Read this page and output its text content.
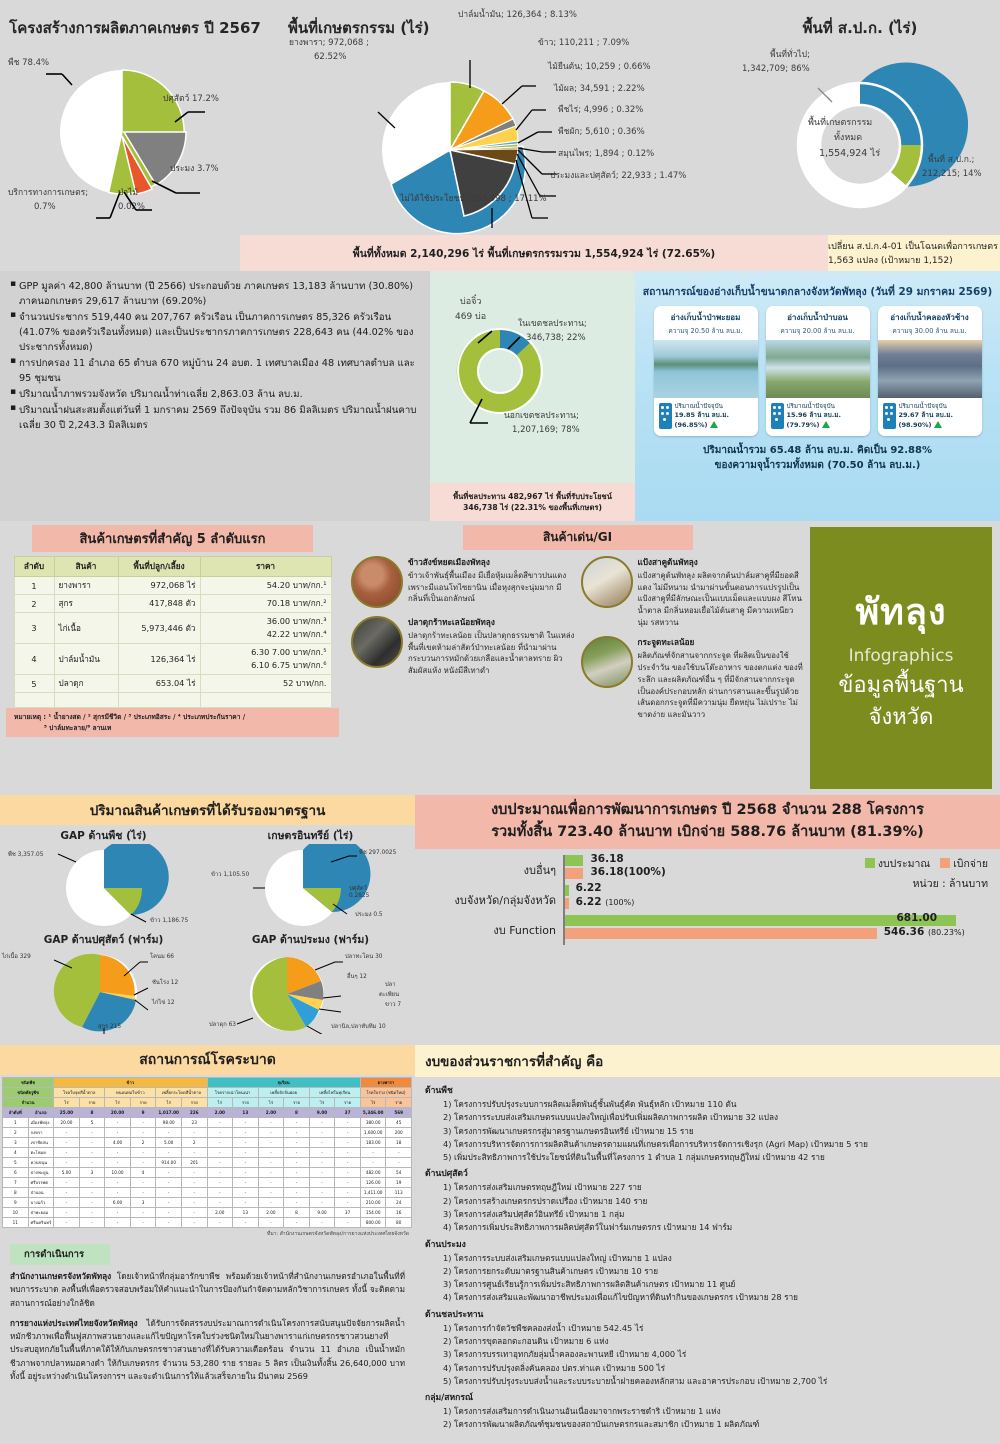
โครงสร้างการผลิตภาคเกษตร ปี 2567
พืช 78.4%
ปศุสัตว์ 17.2%
ประมง 3.7%
ป่าไม้
0.02%
บริการทางการเกษตร;
0.7%
พื้นที่เกษตรกรรม (ไร่)
ยางพารา; 972,068 ;
62.52%
ปาล์มน้ำมัน; 126,364 ; 8.13%
ข้าว; 110,211 ; 7.09%
ไม้ยืนต้น; 10,259 ; 0.66%
ไม้ผล; 34,591 ; 2.22%
พืชไร่; 4,996 ; 0.32%
พืชผัก; 5,610 ; 0.36%
สมุนไพร; 1,894 ; 0.12%
ประมงและปศุสัตว์; 22,933 ; 1.47%
ไม่ได้ใช้ประโยชน์; 265,998 ; 17.11%
พื้นที่ ส.ป.ก. (ไร่)
พื้นที่ทั่วไป;
1,342,709; 86%
พื้นที่ ส.ป.ก.;
212,215; 14%
พื้นที่เกษตรกรรม
ทั้งหมด
1,554,924 ไร่
พื้นที่ทั้งหมด 2,140,296 ไร่ พื้นที่เกษตรกรรมรวม 1,554,924 ไร่ (72.65%)
เปลี่ยน ส.ป.ก.4-01 เป็นโฉนดเพื่อการเกษตร 1,563 แปลง (เป้าหมาย 1,152)
▪ GPP มูลค่า 42,800 ล้านบาท (ปี 2566) ประกอบด้วย ภาคเกษตร 13,183 ล้านบาท (30.80%) ภาคนอกเกษตร 29,617 ล้านบาท (69.20%)
▪ จำนวนประชากร 519,440 คน 207,767 ครัวเรือน เป็นภาคการเกษตร 85,326 ครัวเรือน (41.07% ของครัวเรือนทั้งหมด) และเป็นประชากรภาคการเกษตร 228,643 คน (44.02% ของประชากรทั้งหมด)
▪ การปกครอง 11 อำเภอ 65 ตำบล 670 หมู่บ้าน 24 อบต. 1 เทศบาลเมือง 48 เทศบาลตำบล และ 95 ชุมชน
▪ ปริมาณน้ำภาพรวมจังหวัด ปริมาณน้ำท่าเฉลี่ย 2,863.03 ล้าน ลบ.ม.
▪ ปริมาณน้ำฝนสะสมตั้งแต่วันที่ 1 มกราคม 2569 ถึงปัจจุบัน รวม 86 มิลลิเมตร ปริมาณน้ำฝนคาบเฉลี่ย 30 ปี 2,243.3 มิลลิเมตร
บ่อจิ๋ว
469 บ่อ
ในเขตชลประทาน;
346,738; 22%
นอกเขตชลประทาน;
1,207,169; 78%
พื้นที่ชลประทาน 482,967 ไร่ พื้นที่รับประโยชน์
346,738 ไร่ (22.31% ของพื้นที่เกษตร)
สถานการณ์ของอ่างเก็บน้ำขนาดกลางจังหวัดพัทลุง (วันที่ 29 มกราคม 2569)
อ่างเก็บน้ำป่าพะยอม
ความจุ 20.50 ล้าน ลบ.ม.
ปริมาณน้ำปัจจุบัน
19.85 ล้าน ลบ.ม.
(96.85%)
อ่างเก็บน้ำป่าบอน
ความจุ 20.00 ล้าน ลบ.ม.
ปริมาณน้ำปัจจุบัน
15.96 ล้าน ลบ.ม.
(79.79%)
อ่างเก็บน้ำคลองหัวช้าง
ความจุ 30.00 ล้าน ลบ.ม.
ปริมาณน้ำปัจจุบัน
29.67 ล้าน ลบ.ม.
(98.90%)
ปริมาณน้ำรวม 65.48 ล้าน ลบ.ม. คิดเป็น 92.88%
ของความจุน้ำรวมทั้งหมด (70.50 ล้าน ลบ.ม.)
สินค้าเกษตรที่สำคัญ 5 ลำดับแรก
ลำดับ	สินค้า	พื้นที่ปลูก/เลี้ยง	ราคา
1	ยางพารา	972,068 ไร่	54.20 บาท/กก.¹
2	สุกร	417,848 ตัว	70.18 บาท/กก.²
3	ไก่เนื้อ	5,973,446 ตัว	36.00 บาท/กก.³
42.22 บาท/กก.⁴
4	ปาล์มน้ำมัน	126,364 ไร่	6.30 7.00 บาท/กก.⁵
6.10 6.75 บาท/กก.⁶
5	ปลาดุก	653.04 ไร่	52 บาท/กก.

หมายเหตุ : ¹ น้ำยางสด / ² สุกรมีชีวิต / ³ ประเภทอิสระ / ⁴ ประเภทประกันราคา /
⁵ ปาล์มทะลาย/⁶ ลานเท
สินค้าเด่น/GI
ข้าวสังข์หยดเมืองพัทลุง

ข้าวเจ้าพันธุ์พื้นเมือง มีเยื่อหุ้มเมล็ดสีขาวปนแดง เพราะมีแอนโทไซยานิน เมื่อหุงสุกจะนุ่มมาก มีกลิ่นที่เป็นเอกลักษณ์

ปลาดุกร้าทะเลน้อยพัทลุง

ปลาดุกร้าทะเลน้อย เป็นปลาดุกธรรมชาติ ในแหล่งพื้นที่เขตห้ามล่าสัตว์ป่าทะเลน้อย ที่นำมาผ่านกระบวนการหมักด้วยเกลือและน้ำตาลทราย ผิวสัมผัสแห้ง หนังมีสีเทาดำ

แป้งสาคูต้นพัทลุง

แป้งสาคูต้นพัทลุง ผลิตจากต้นปาล์มสาคูที่มียอดสีแดง ไม่มีหนาม นำมาผ่านขั้นตอนการแปรรูปเป็นแป้งสาคูที่มีลักษณะเป็นแบบเม็ดและแบบผง สีโทนน้ำตาล มีกลิ่นหอมเยื่อไม้ต้นสาคู มีความเหนียว นุ่ม รสหวาน

กระจูดทะเลน้อย

ผลิตภัณฑ์จักสานจากกระจูด ที่ผลิตเป็นของใช้ประจำวัน ของใช้บนโต๊ะอาหาร ของตกแต่ง ของที่ระลึก และผลิตภัณฑ์อื่น ๆ ที่มีจักสานจากกระจูดเป็นองค์ประกอบหลัก ผ่านการสานและขึ้นรูปด้วยเส้นดอกกระจูดที่มีความนุ่ม ยืดหยุ่น ไม่เปราะ ไม่ขาดง่าย และมันวาว

พัทลุง
Infographics
ข้อมูลพื้นฐาน
จังหวัด
ปริมาณสินค้าเกษตรที่ได้รับรองมาตรฐาน
GAP ด้านพืช (ไร่)
พืช 3,357.05
ข้าว 1,186.75
เกษตรอินทรีย์ (ไร่)
พืช 297.0025
ข้าว 1,105.50
ปศุสัตว์
0.2825
ประมง 0.5
GAP ด้านปศุสัตว์ (ฟาร์ม)
ไก่เนื้อ 329	โคนม 66
ชันโรง 12
ไก่ไข่ 12
สุกร 215
GAP ด้านประมง (ฟาร์ม)
ปลาทะโดน 30
อื่นๆ 12
ปลา
ตะเพียน
ขาว 7
ปลานิล,ปลาทับทิม 10
ปลาดุก 63
งบประมาณเพื่อการพัฒนาการเกษตร ปี 2568 จำนวน 288 โครงการ
รวมทั้งสิ้น 723.40 ล้านบาท เบิกจ่าย 588.76 ล้านบาท (81.39%)
งบประมาณ เบิกจ่าย
หน่วย : ล้านบาท
งบอื่นๆ
36.18
36.18(100%)
งบจังหวัด/กลุ่มจังหวัด
6.22
6.22 (100%)
งบ Function
681.00
546.36 (80.23%)
สถานการณ์โรคระบาด
ชนิดพืช		ข้าว						ทุเรียน						ยางพารา	
ชนิดศัตรูพืช		โรคใบจุดสีน้ำตาล		หนอนห่อใบข้าว		เพลี้ยกระโดดสีน้ำตาล		โรครากเน่าโคนเน่า		เพลี้ยจักจั่นฝอย		เพลี้ยไฟในทุเรียน		โรคใบร่วง (ชนิดใหม่)	
จำนวน		ไร่	ราย	ไร่	ราย	ไร่	ราย	ไร่	ราย	ไร่	ราย	ไร่	ราย	ไร่	ราย
ลำดับที่	อำเภอ	25.00	8	20.00	9	1,017.00	226	2.00	13	2.00	8	9.00	37	5,346.00	569
1	เมืองพัทลุง	20.00	5	-	-	98.00	23	-	-	-	-	-	-	380.00	45
2	กงหรา	-	-	-	-	-	-	-	-	-	-	-	-	1,600.00	200
3	เขาชัยสน	-	-	4.00	2	5.00	2	-	-	-	-	-	-	183.00	18
4	ตะโหมด	-	-	-	-	-	-	-	-	-	-	-	-	-	-
5	ควนขนุน	-	-	-	-	914.00	201	-	-	-	-	-	-	-	-
6	ปากพะยูน	5.00	3	10.00	4	-	-	-	-	-	-	-	-	482.00	54
7	ศรีบรรพต	-	-	-	-	-	-	-	-	-	-	-	-	126.00	19
8	ป่าบอน	-	-	-	-	-	-	-	-	-	-	-	-	1,411.00	113
9	บางแก้ว	-	-	6.00	3	-	-	-	-	-	-	-	-	210.00	24
10	ป่าพะยอม	-	-	-	-	-	-	2.00	13	2.00	8	9.00	37	154.00	16
11	ศรีนครินทร์	-	-	-	-	-	-	-	-	-	-	-	-	800.00	80
ที่มา: สำนักงานเกษตรจังหวัดพัทลุง/การยางแห่งประเทศไทยจังหวัด
การดำเนินการ

สำนักงานเกษตรจังหวัดพัทลุง โดยเจ้าหน้าที่กลุ่มอารักขาพืช พร้อมด้วยเจ้าหน้าที่สำนักงานเกษตรอำเภอในพื้นที่ที่พบการระบาด ลงพื้นที่เพื่อตรวจสอบพร้อมให้คำแนะนำในการป้องกันกำจัดตามหลักวิชาการเกษตร ทั้งนี้ จะติดตามสถานการณ์อย่างใกล้ชิด

การยางแห่งประเทศไทยจังหวัดพัทลุง ได้รับการจัดสรรงบประมาณการดำเนินโครงการสนับสนุนปัจจัยการผลิตน้ำหมักชีวภาพเพื่อฟื้นฟูสภาพสวนยางและแก้ไขปัญหาโรคใบร่วงชนิดใหม่ในยางพาราแก่เกษตรกรชาวสวนยางที่ประสบอุทกภัยในพื้นที่ภาคใต้ให้กับเกษตรกรชาวสวนยางที่ได้รับความเดือดร้อน จำนวน 11 อำเภอ เป็นน้ำหมักชีวภาพจากปลาหมอคางดำ ให้กับเกษตรกร จำนวน 53,280 ราย รายละ 5 ลิตร เป็นเงินทั้งสิ้น 26,640,000 บาท ทั้งนี้ อยู่ระหว่างดำเนินโครงการฯ และจะดำเนินการให้แล้วเสร็จภายใน มีนาคม 2569

งบของส่วนราชการที่สำคัญ คือ
ด้านพืช
1) โครงการปรับปรุงระบบการผลิตเมล็ดพันธุ์ชั้นพันธุ์คัด พันธุ์หลัก เป้าหมาย 110 ตัน
2) โครงการระบบส่งเสริมเกษตรแบบแปลงใหญ่เพื่อปรับเพิ่มผลิตภาพการผลิต เป้าหมาย 32 แปลง
3) โครงการพัฒนาเกษตรกรสู่มาตรฐานเกษตรอินทรีย์ เป้าหมาย 15 ราย
4) โครงการบริหารจัดการการผลิตสินค้าเกษตรตามแผนที่เกษตรเพื่อการบริหารจัดการเชิงรุก (Agri Map) เป้าหมาย 5 ราย
5) เพิ่มประสิทธิภาพการใช้ประโยชน์ที่ดินในพื้นที่โครงการ 1 ตำบล 1 กลุ่มเกษตรทฤษฎีใหม่ เป้าหมาย 42 ราย
ด้านปศุสัตว์
1) โครงการส่งเสริมเกษตรทฤษฎีใหม่ เป้าหมาย 227 ราย
2) โครงการสร้างเกษตรกรปราดเปรื่อง เป้าหมาย 140 ราย
3) โครงการส่งเสริมปศุสัตว์อินทรีย์ เป้าหมาย 1 กลุ่ม
4) โครงการเพิ่มประสิทธิภาพการผลิตปศุสัตว์ในฟาร์มเกษตรกร เป้าหมาย 14 ฟาร์ม
ด้านประมง
1) โครงการระบบส่งเสริมเกษตรแบบแปลงใหญ่ เป้าหมาย 1 แปลง
2) โครงการยกระดับมาตรฐานสินค้าเกษตร เป้าหมาย 10 ราย
3) โครงการศูนย์เรียนรู้การเพิ่มประสิทธิภาพการผลิตสินค้าเกษตร เป้าหมาย 11 ศูนย์
4) โครงการส่งเสริมและพัฒนาอาชีพประมงเพื่อแก้ไขปัญหาที่ดินทำกินของเกษตรกร เป้าหมาย 28 ราย
ด้านชลประทาน
1) โครงการกำจัดวัชพืชคลองส่งน้ำ เป้าหมาย 542.45 ไร่
2) โครงการขุดลอกตะกอนดิน เป้าหมาย 6 แห่ง
3) โครงการบรรเทาอุทกภัยลุ่มน้ำคลองละพานหยี เป้าหมาย 4,000 ไร่
4) โครงการปรับปรุงตลิ่งคันคลอง ปตร.ท่าแค เป้าหมาย 500 ไร่
5) โครงการปรับปรุงระบบส่งน้ำและระบบระบายน้ำฝายคลองหลักสาม และอาคารประกอบ เป้าหมาย 2,700 ไร่
กลุ่ม/สหกรณ์
1) โครงการส่งเสริมการดำเนินงานอันเนื่องมาจากพระราชดำริ เป้าหมาย 1 แห่ง
2) โครงการพัฒนาผลิตภัณฑ์ชุมชนของสถาบันเกษตรกรและสมาชิก เป้าหมาย 1 ผลิตภัณฑ์
